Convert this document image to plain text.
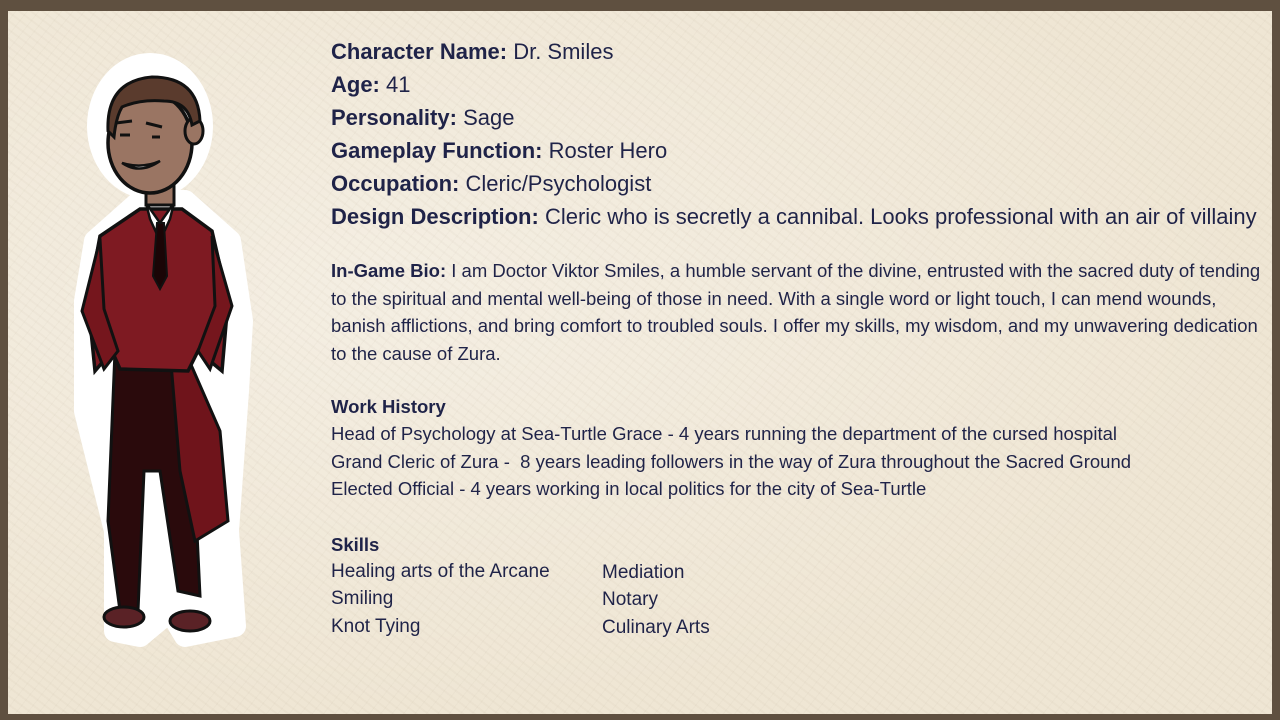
Character Name: Dr. Smiles

Age: 41

Personality: Sage

Gameplay Function: Roster Hero

Occupation: Cleric/Psychologist

Design Description: Cleric who is secretly a cannibal. Looks professional with an air of villainy

In-Game Bio: I am Doctor Viktor Smiles, a humble servant of the divine, entrusted with the sacred duty of tending to the spiritual and mental well-being of those in need. With a single word or light touch, I can mend wounds, banish afflictions, and bring comfort to troubled souls. I offer my skills, my wisdom, and my unwavering dedication to the cause of Zura.

Work History

Head of Psychology at Sea-Turtle Grace - 4 years running the department of the cursed hospital

Grand Cleric of Zura -  8 years leading followers in the way of Zura throughout the Sacred Ground

Elected Official - 4 years working in local politics for the city of Sea-Turtle

Skills

Healing arts of the Arcane

Smiling

Knot Tying

Mediation

Notary

Culinary Arts
